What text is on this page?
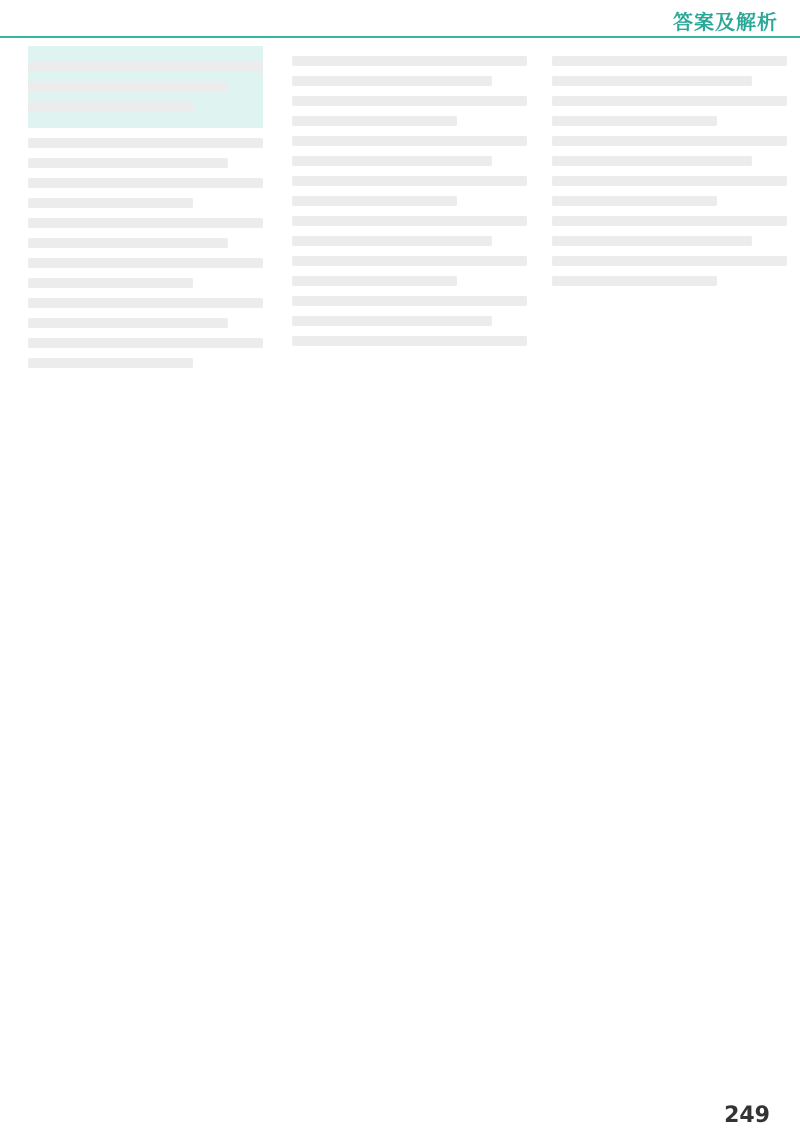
答案及解析
249
